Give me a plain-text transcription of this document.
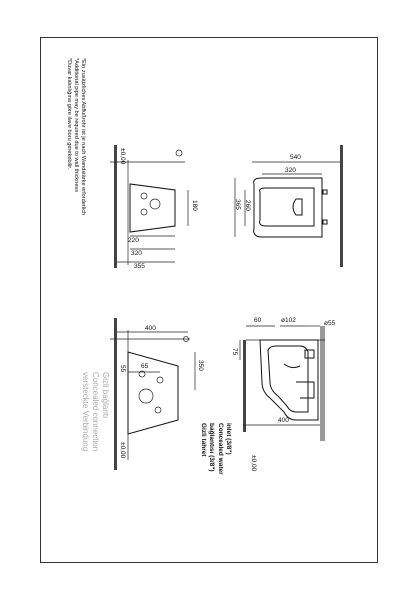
*Duvar kalınlığına göre ilave boru gerekebilir. *Additional pipe may be required due to wall thickness *Ein zusätzliches Abflußrohr ist je nach Wandstärke erforderlich	±0,00
180
220
320
355
540
320
260
365
400
350
65
55
±0,00
Gizli bağlantı
Concealed connection
versteckte Verbindung	Gizli tahret bağlantısı (3/8") Concealed water inlet (3/8")
60	ø102	ø55
75
400
±0,00
